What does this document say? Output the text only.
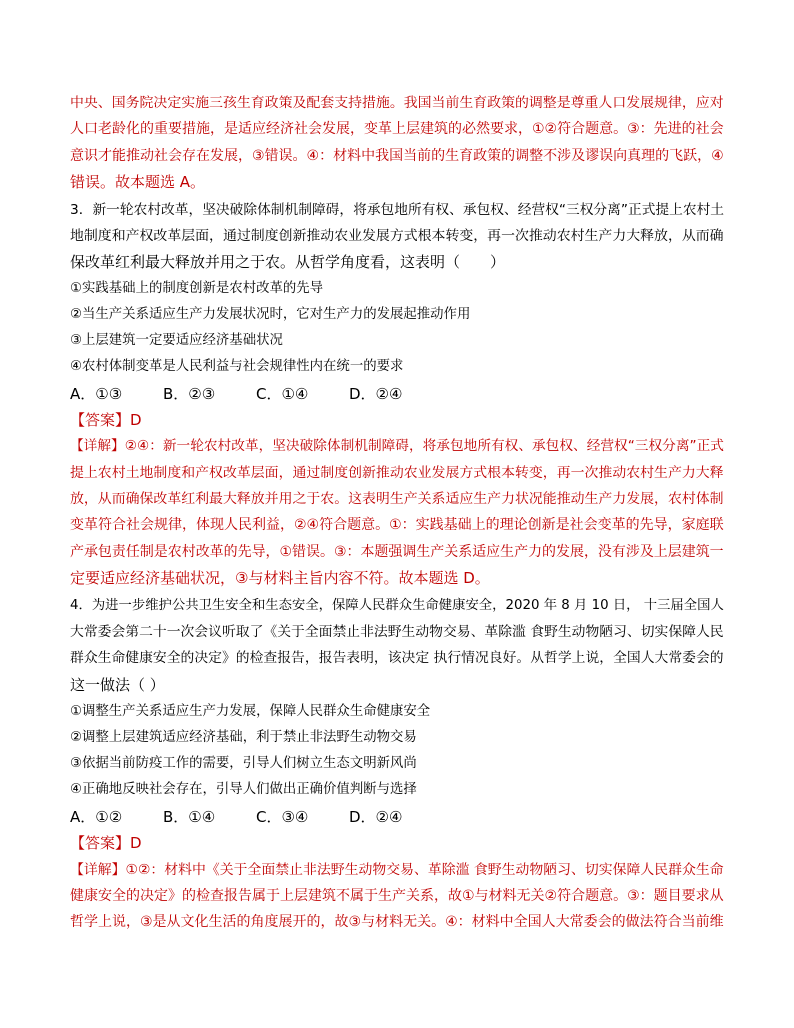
中央、国务院决定实施三孩生育政策及配套支持措施。我国当前生育政策的调整是尊重人口发展规律，应对
人口老龄化的重要措施，是适应经济社会发展，变革上层建筑的必然要求，①②符合题意。③：先进的社会
意识才能推动社会存在发展，③错误。④：材料中我国当前的生育政策的调整不涉及谬误向真理的飞跃，④
错误。故本题选 A。
3．新一轮农村改革，坚决破除体制机制障碍，将承包地所有权、承包权、经营权“三权分离”正式提上农村土
地制度和产权改革层面，通过制度创新推动农业发展方式根本转变，再一次推动农村生产力大释放，从而确
保改革红利最大释放并用之于农。从哲学角度看，这表明（　　）
①实践基础上的制度创新是农村改革的先导
②当生产关系适应生产力发展状况时，它对生产力的发展起推动作用
③上层建筑一定要适应经济基础状况
④农村体制变革是人民利益与社会规律性内在统一的要求
A．①③	B．②③	C．①④	D．②④
【答案】D
【详解】②④：新一轮农村改革，坚决破除体制机制障碍，将承包地所有权、承包权、经营权“三权分离”正式
提上农村土地制度和产权改革层面，通过制度创新推动农业发展方式根本转变，再一次推动农村生产力大释
放，从而确保改革红利最大释放并用之于农。这表明生产关系适应生产力状况能推动生产力发展，农村体制
变革符合社会规律，体现人民利益，②④符合题意。①：实践基础上的理论创新是社会变革的先导，家庭联
产承包责任制是农村改革的先导，①错误。③：本题强调生产关系适应生产力的发展，没有涉及上层建筑一
定要适应经济基础状况，③与材料主旨内容不符。故本题选 D。
4．为进一步维护公共卫生安全和生态安全，保障人民群众生命健康安全，2020 年 8 月 10 日， 十三届全国人
大常委会第二十一次会议听取了《关于全面禁止非法野生动物交易、革除滥 食野生动物陋习、切实保障人民
群众生命健康安全的决定》的检查报告，报告表明，该决定 执行情况良好。从哲学上说，全国人大常委会的
这一做法（ ）
①调整生产关系适应生产力发展，保障人民群众生命健康安全
②调整上层建筑适应经济基础，利于禁止非法野生动物交易
③依据当前防疫工作的需要，引导人们树立生态文明新风尚
④正确地反映社会存在，引导人们做出正确价值判断与选择
A．①②	B．①④	C．③④	D．②④
【答案】D
【详解】①②：材料中《关于全面禁止非法野生动物交易、革除滥 食野生动物陋习、切实保障人民群众生命
健康安全的决定》的检查报告属于上层建筑不属于生产关系，故①与材料无关②符合题意。③：题目要求从
哲学上说，③是从文化生活的角度展开的，故③与材料无关。④：材料中全国人大常委会的做法符合当前维
